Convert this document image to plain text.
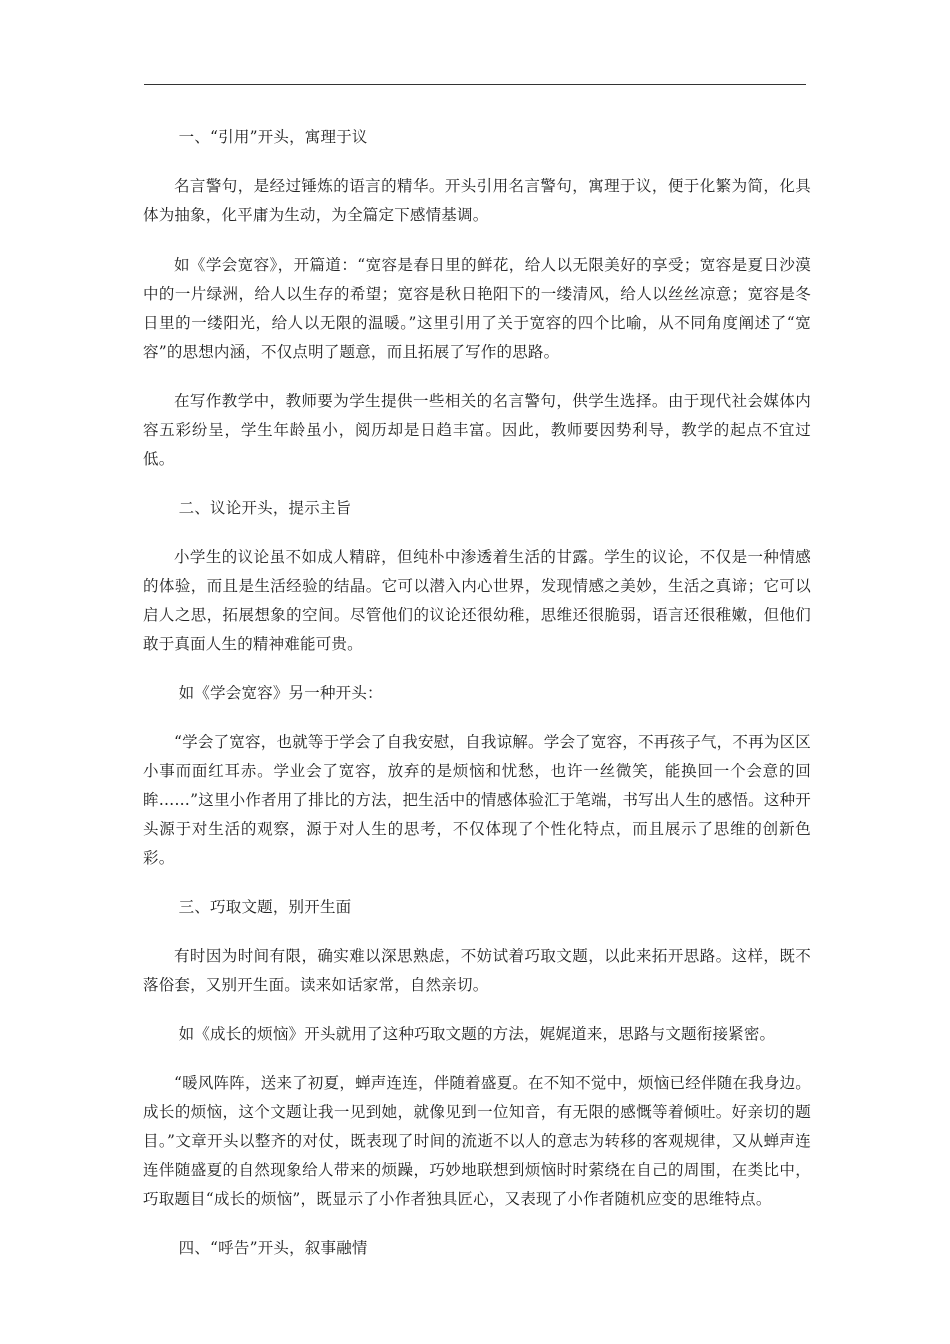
一、“引用”开头，寓理于议

名言警句，是经过锤炼的语言的精华。开头引用名言警句，寓理于议，便于化繁为简，化具体为抽象，化平庸为生动，为全篇定下感情基调。

如《学会宽容》，开篇道：“宽容是春日里的鲜花，给人以无限美好的享受；宽容是夏日沙漠中的一片绿洲，给人以生存的希望；宽容是秋日艳阳下的一缕清风，给人以丝丝凉意；宽容是冬日里的一缕阳光，给人以无限的温暖。”这里引用了关于宽容的四个比喻，从不同角度阐述了“宽容”的思想内涵，不仅点明了题意，而且拓展了写作的思路。

在写作教学中，教师要为学生提供一些相关的名言警句，供学生选择。由于现代社会媒体内容五彩纷呈，学生年龄虽小，阅历却是日趋丰富。因此，教师要因势利导，教学的起点不宜过低。

二、议论开头，提示主旨

小学生的议论虽不如成人精辟，但纯朴中渗透着生活的甘露。学生的议论，不仅是一种情感的体验，而且是生活经验的结晶。它可以潜入内心世界，发现情感之美妙，生活之真谛；它可以启人之思，拓展想象的空间。尽管他们的议论还很幼稚，思维还很脆弱，语言还很稚嫩，但他们敢于真面人生的精神难能可贵。

如《学会宽容》另一种开头：

“学会了宽容，也就等于学会了自我安慰，自我谅解。学会了宽容，不再孩子气，不再为区区小事而面红耳赤。学业会了宽容，放弃的是烦恼和忧愁，也许一丝微笑，能换回一个会意的回眸……”这里小作者用了排比的方法，把生活中的情感体验汇于笔端，书写出人生的感悟。这种开头源于对生活的观察，源于对人生的思考，不仅体现了个性化特点，而且展示了思维的创新色彩。

三、巧取文题，别开生面

有时因为时间有限，确实难以深思熟虑，不妨试着巧取文题，以此来拓开思路。这样，既不落俗套，又别开生面。读来如话家常，自然亲切。

如《成长的烦恼》开头就用了这种巧取文题的方法，娓娓道来，思路与文题衔接紧密。

“暖风阵阵，送来了初夏，蝉声连连，伴随着盛夏。在不知不觉中，烦恼已经伴随在我身边。成长的烦恼，这个文题让我一见到她，就像见到一位知音，有无限的感慨等着倾吐。好亲切的题目。”文章开头以整齐的对仗，既表现了时间的流逝不以人的意志为转移的客观规律，又从蝉声连连伴随盛夏的自然现象给人带来的烦躁，巧妙地联想到烦恼时时萦绕在自己的周围，在类比中，巧取题目“成长的烦恼”，既显示了小作者独具匠心，又表现了小作者随机应变的思维特点。

四、“呼告”开头，叙事融情
